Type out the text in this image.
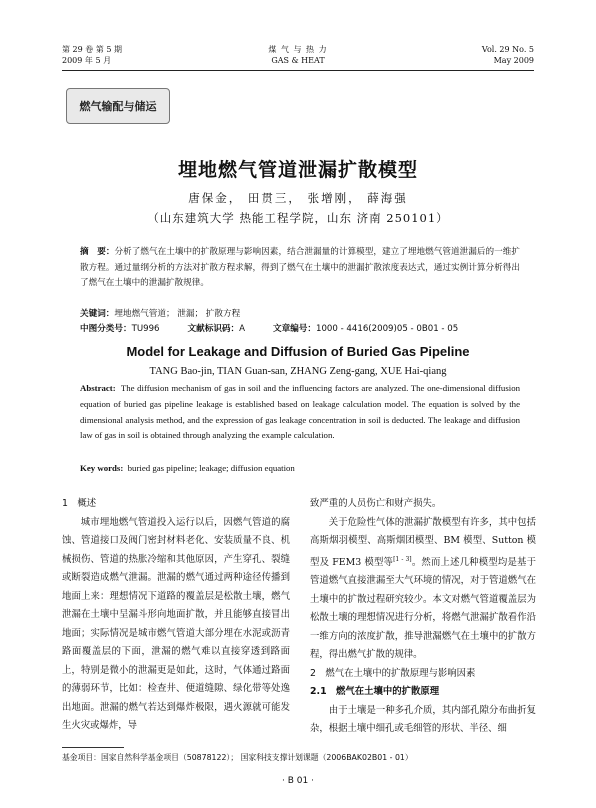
第 29 卷 第 5 期
2009 年 5 月
煤 气 与 热 力
GAS & HEAT
Vol. 29 No. 5
May 2009
燃气输配与储运
埋地燃气管道泄漏扩散模型
唐保金， 田贯三， 张增刚， 薛海强
（山东建筑大学 热能工程学院，山东 济南 250101）
摘　要：分析了燃气在土壤中的扩散原理与影响因素，结合泄漏量的计算模型，建立了埋地燃气管道泄漏后的一维扩散方程。通过量纲分析的方法对扩散方程求解，得到了燃气在土壤中的泄漏扩散浓度表达式，通过实例计算分析得出了燃气在土壤中的泄漏扩散规律。
关键词：埋地燃气管道； 泄漏； 扩散方程
中图分类号：TU996	文献标识码：A	文章编号：1000 - 4416(2009)05 - 0B01 - 05
Model for Leakage and Diffusion of Buried Gas Pipeline
TANG Bao-jin, TIAN Guan-san, ZHANG Zeng-gang, XUE Hai-qiang
Abstract: The diffusion mechanism of gas in soil and the influencing factors are analyzed. The one-dimensional diffusion equation of buried gas pipeline leakage is established based on leakage calculation model. The equation is solved by the dimensional analysis method, and the expression of gas leakage concentration in soil is deducted. The leakage and diffusion law of gas in soil is obtained through analyzing the example calculation.
Key words: buried gas pipeline; leakage; diffusion equation

1　概述

城市埋地燃气管道投入运行以后，因燃气管道的腐蚀、管道接口及阀门密封材料老化、安装质量不良、机械损伤、管道的热胀冷缩和其他原因，产生穿孔、裂缝或断裂造成燃气泄漏。泄漏的燃气通过两种途径传播到地面上来：理想情况下道路的覆盖层是松散土壤，燃气泄漏在土壤中呈漏斗形向地面扩散，并且能够直接冒出地面；实际情况是城市燃气管道大部分埋在水泥或沥青路面覆盖层的下面，泄漏的燃气难以直接穿透到路面上，特别是微小的泄漏更是如此，这时，气体通过路面的薄弱环节，比如：检查井、便道缝隙、绿化带等处逸出地面。泄漏的燃气若达到爆炸极限，遇火源就可能发生火灾或爆炸，导

致严重的人员伤亡和财产损失。

关于危险性气体的泄漏扩散模型有许多，其中包括高斯烟羽模型、高斯烟团模型、BM 模型、Sutton 模型及 FEM3 模型等[1 - 3]。然而上述几种模型均是基于管道燃气直接泄漏至大气环境的情况，对于管道燃气在土壤中的扩散过程研究较少。本文对燃气管道覆盖层为松散土壤的理想情况进行分析，将燃气泄漏扩散看作沿一维方向的浓度扩散，推导泄漏燃气在土壤中的扩散方程，得出燃气扩散的规律。

2　燃气在土壤中的扩散原理与影响因素

2.1　燃气在土壤中的扩散原理

由于土壤是一种多孔介质，其内部孔隙分布曲折复杂，根据土壤中细孔或毛细管的形状、半径、细

基金项目：国家自然科学基金项目（50878122）； 国家科技支撑计划课题（2006BAK02B01 - 01）
· B 01 ·
